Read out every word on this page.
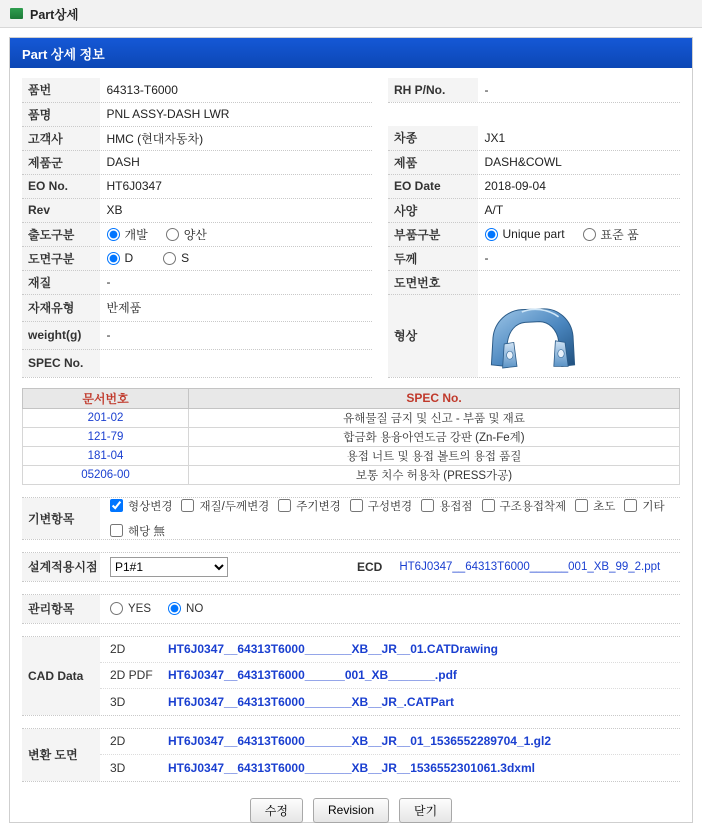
Part상세
Part 상세 정보
품번	64313-T6000		RH P/No.	-
품명	PNL ASSY-DASH LWR			
고객사	HMC (현대자동차)		차종	JX1
제품군	DASH		제품	DASH&COWL
EO No.	HT6J0347		EO Date	2018-09-04
Rev	XB		사양	A/T
출도구분	개발 양산		부품구분	Unique part 표준 품

도면구분	D S		두께	-
재질	-		도면번호	
자재유형	반제품		형상	

weight(g)	-			
SPEC No.				
문서번호	SPEC No.
201-02	유해물질 금지 및 신고 - 부품 및 재료
121-79	합금화 용융아연도금 강판 (Zn-Fe계)
181-04	용접 너트 및 용접 볼트의 용접 품질
05206-00	보통 치수 허용차 (PRESS가공)
기변항목
형상변경 재질/두께변경 주기변경 구성변경 용접점 구조용접착제 초도 기타
해당 無
설계적용시점
P1#1	ECD HT6J0347__64313T6000______001_XB_99_2.ppt
관리항목	YES	NO
CAD Data
2D	HT6J0347__64313T6000_______XB__JR__01.CATDrawing
2D PDF	HT6J0347__64313T6000______001_XB_______.pdf
3D	HT6J0347__64313T6000_______XB__JR_.CATPart
변환 도면
2D	HT6J0347__64313T6000_______XB__JR__01_1536552289704_1.gl2
3D	HT6J0347__64313T6000_______XB__JR__1536552301061.3dxml
수정	Revision	닫기
